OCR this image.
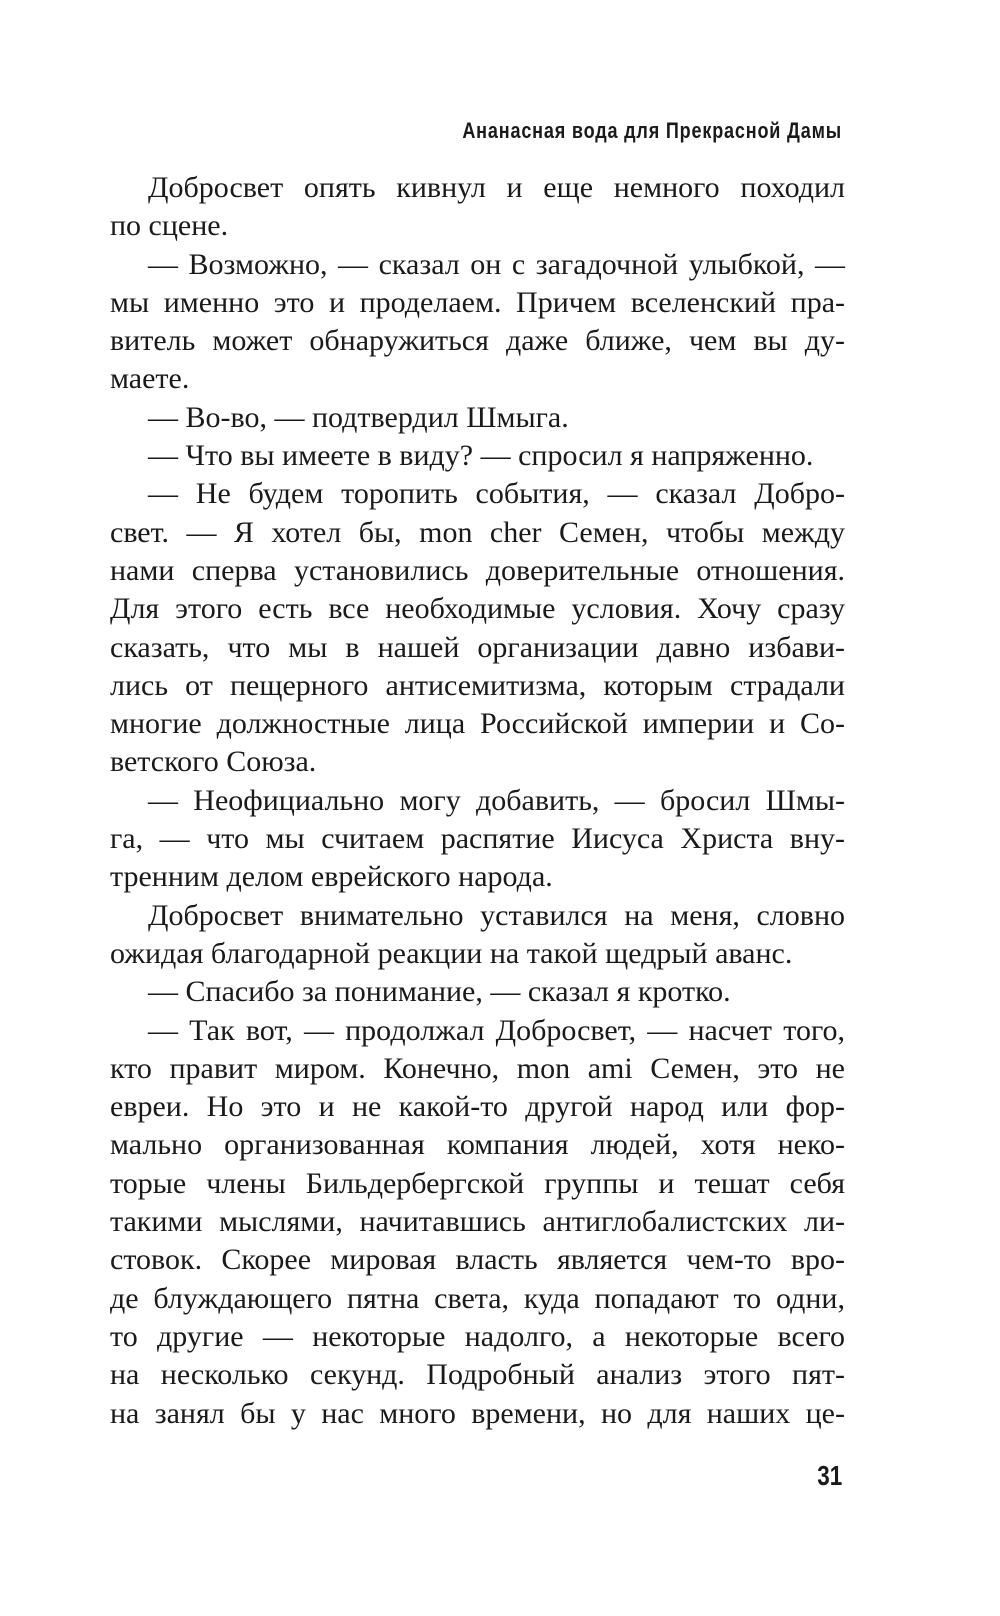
Ананасная вода для Прекрасной Дамы
Добросвет опять кивнул и еще немного походил
по сцене.
— Возможно, — сказал он с загадочной улыбкой, —
мы именно это и проделаем. Причем вселенский пра-
витель может обнаружиться даже ближе, чем вы ду-
маете.
— Во-во, — подтвердил Шмыга.
— Что вы имеете в виду? — спросил я напряженно.
— Не будем торопить события, — сказал Добро-
свет. — Я хотел бы, mon cher Семен, чтобы между
нами сперва установились доверительные отношения.
Для этого есть все необходимые условия. Хочу сразу
сказать, что мы в нашей организации давно избави-
лись от пещерного антисемитизма, которым страдали
многие должностные лица Российской империи и Со-
ветского Союза.
— Неофициально могу добавить, — бросил Шмы-
га, — что мы считаем распятие Иисуса Христа вну-
тренним делом еврейского народа.
Добросвет внимательно уставился на меня, словно
ожидая благодарной реакции на такой щедрый аванс.
— Спасибо за понимание, — сказал я кротко.
— Так вот, — продолжал Добросвет, — насчет того,
кто правит миром. Конечно, mon ami Семен, это не
евреи. Но это и не какой-то другой народ или фор-
мально организованная компания людей, хотя неко-
торые члены Бильдербергской группы и тешат себя
такими мыслями, начитавшись антиглобалистских ли-
стовок. Скорее мировая власть является чем-то вро-
де блуждающего пятна света, куда попадают то одни,
то другие — некоторые надолго, а некоторые всего
на несколько секунд. Подробный анализ этого пят-
на занял бы у нас много времени, но для наших це-
31
